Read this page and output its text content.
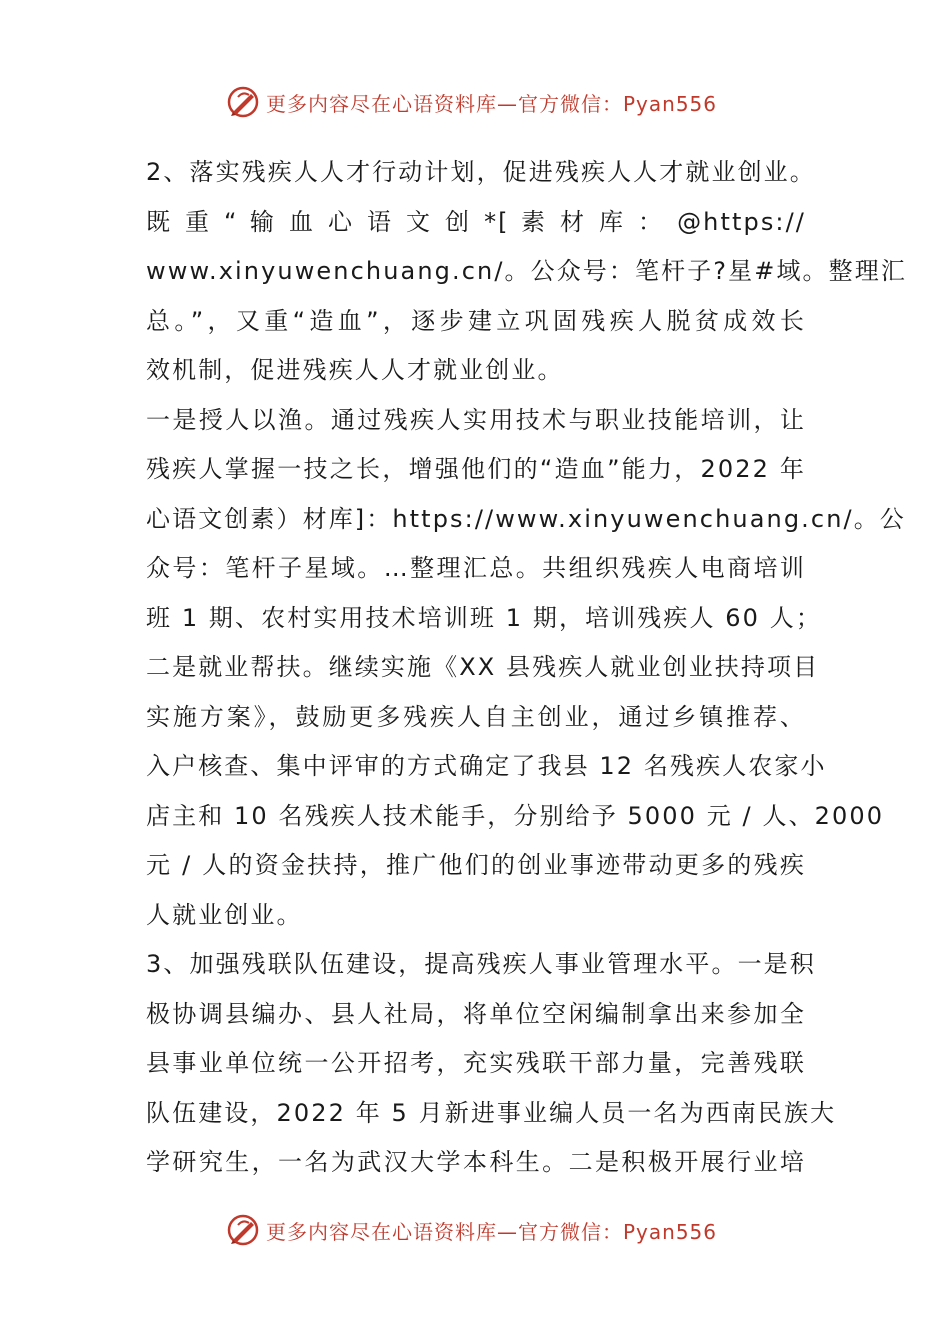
更多内容尽在心语资料库—官方微信：Pyan556
2、落实残疾人人才行动计划，促进残疾人人才就业创业。
既 重 “ 输 血 心 语 文 创 *[ 素 材 库 ： @https://
www.xinyuwenchuang.cn/。公众号：笔杆子?星#域。整理汇
总。”，又重“造血”，逐步建立巩固残疾人脱贫成效长
效机制，促进残疾人人才就业创业。
一是授人以渔。通过残疾人实用技术与职业技能培训，让
残疾人掌握一技之长，增强他们的“造血”能力，2022 年
心语文创素）材库]：https://www.xinyuwenchuang.cn/。公
众号：笔杆子星域。…整理汇总。共组织残疾人电商培训
班 1 期、农村实用技术培训班 1 期，培训残疾人 60 人；
二是就业帮扶。继续实施《XX 县残疾人就业创业扶持项目
实施方案》，鼓励更多残疾人自主创业，通过乡镇推荐、
入户核查、集中评审的方式确定了我县 12 名残疾人农家小
店主和 10 名残疾人技术能手，分别给予 5000 元 / 人、2000
元 / 人的资金扶持，推广他们的创业事迹带动更多的残疾
人就业创业。
3、加强残联队伍建设，提高残疾人事业管理水平。一是积
极协调县编办、县人社局，将单位空闲编制拿出来参加全
县事业单位统一公开招考，充实残联干部力量，完善残联
队伍建设，2022 年 5 月新进事业编人员一名为西南民族大
学研究生，一名为武汉大学本科生。二是积极开展行业培
更多内容尽在心语资料库—官方微信：Pyan556
